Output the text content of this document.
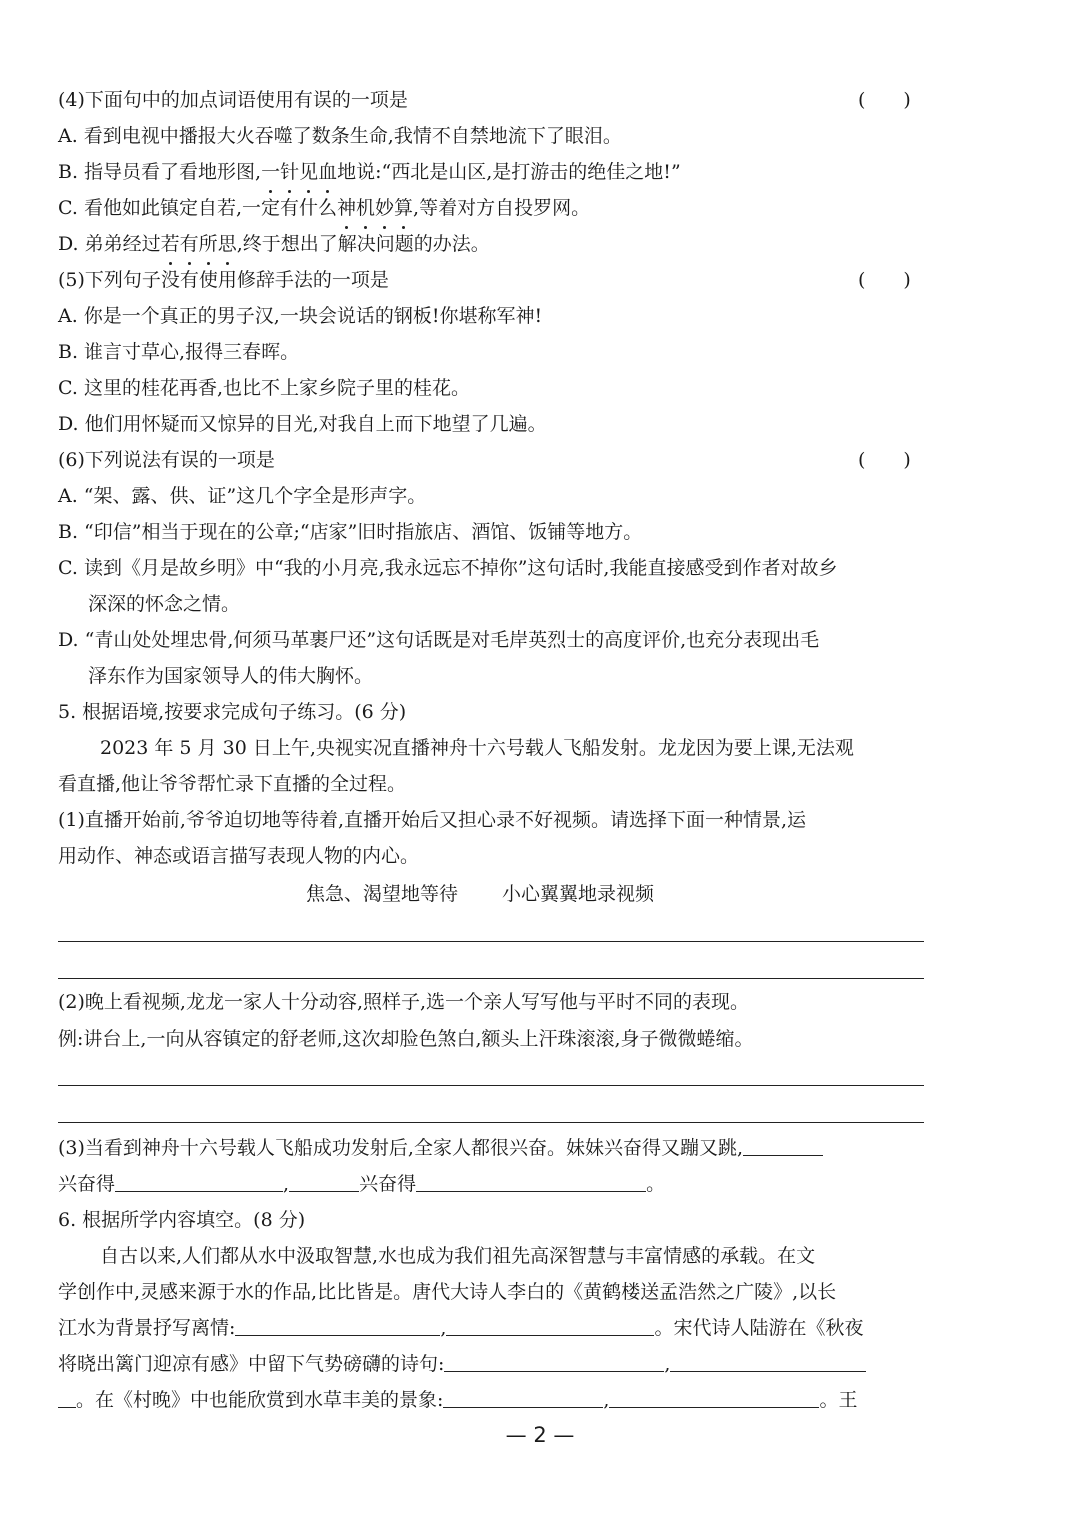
(4)下面句中的加点词语使用有误的一项是	(　　)
A. 看到电视中播报大火吞噬了数条生命,我情不自禁地流下了眼泪。
B. 指导员看了看地形图,一针见血地说:“西北是山区,是打游击的绝佳之地!”
C. 看他如此镇定自若,一定有什么神机妙算,等着对方自投罗网。
D. 弟弟经过若有所思,终于想出了解决问题的办法。
(5)下列句子没有使用修辞手法的一项是	(　　)
A. 你是一个真正的男子汉,一块会说话的钢板!你堪称军神!
B. 谁言寸草心,报得三春晖。
C. 这里的桂花再香,也比不上家乡院子里的桂花。
D. 他们用怀疑而又惊异的目光,对我自上而下地望了几遍。
(6)下列说法有误的一项是	(　　)
A. “架、露、供、证”这几个字全是形声字。
B. “印信”相当于现在的公章;“店家”旧时指旅店、酒馆、饭铺等地方。
C. 读到《月是故乡明》中“我的小月亮,我永远忘不掉你”这句话时,我能直接感受到作者对故乡
深深的怀念之情。
D. “青山处处埋忠骨,何须马革裹尸还”这句话既是对毛岸英烈士的高度评价,也充分表现出毛
泽东作为国家领导人的伟大胸怀。
5. 根据语境,按要求完成句子练习。(6 分)
2023 年 5 月 30 日上午,央视实况直播神舟十六号载人飞船发射。龙龙因为要上课,无法观
看直播,他让爷爷帮忙录下直播的全过程。
(1)直播开始前,爷爷迫切地等待着,直播开始后又担心录不好视频。请选择下面一种情景,运
用动作、神态或语言描写表现人物的内心。
焦急、渴望地等待 小心翼翼地录视频
(2)晚上看视频,龙龙一家人十分动容,照样子,选一个亲人写写他与平时不同的表现。
例:讲台上,一向从容镇定的舒老师,这次却脸色煞白,额头上汗珠滚滚,身子微微蜷缩。
(3)当看到神舟十六号载人飞船成功发射后,全家人都很兴奋。妹妹兴奋得又蹦又跳,
兴奋得	,	兴奋得	。
6. 根据所学内容填空。(8 分)
自古以来,人们都从水中汲取智慧,水也成为我们祖先高深智慧与丰富情感的承载。在文
学创作中,灵感来源于水的作品,比比皆是。唐代大诗人李白的《黄鹤楼送孟浩然之广陵》,以长
江水为背景抒写离情:	,	。宋代诗人陆游在《秋夜
将晓出篱门迎凉有感》中留下气势磅礴的诗句:	,
。在《村晚》中也能欣赏到水草丰美的景象:	,	。王
— 2 —
